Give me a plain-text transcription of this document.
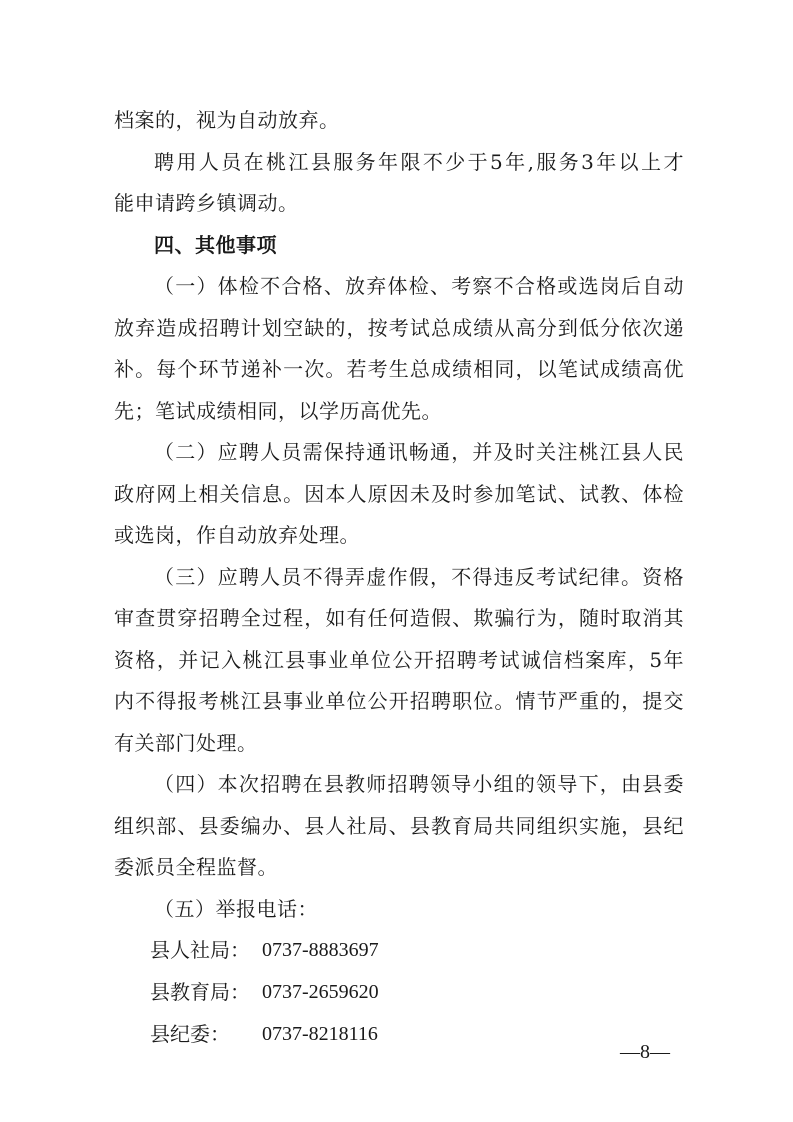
档案的，视为自动放弃。
聘用人员在桃江县服务年限不少于5年,服务3年以上才
能申请跨乡镇调动。
四、其他事项
（一）体检不合格、放弃体检、考察不合格或选岗后自动
放弃造成招聘计划空缺的，按考试总成绩从高分到低分依次递
补。每个环节递补一次。若考生总成绩相同，以笔试成绩高优
先；笔试成绩相同，以学历高优先。
（二）应聘人员需保持通讯畅通，并及时关注桃江县人民
政府网上相关信息。因本人原因未及时参加笔试、试教、体检
或选岗，作自动放弃处理。
（三）应聘人员不得弄虚作假，不得违反考试纪律。资格
审查贯穿招聘全过程，如有任何造假、欺骗行为，随时取消其
资格，并记入桃江县事业单位公开招聘考试诚信档案库，5年
内不得报考桃江县事业单位公开招聘职位。情节严重的，提交
有关部门处理。
（四）本次招聘在县教师招聘领导小组的领导下，由县委
组织部、县委编办、县人社局、县教育局共同组织实施，县纪
委派员全程监督。
（五）举报电话：
县人社局： 0737-8883697
县教育局： 0737-2659620
县纪委： 0737-8218116
—8—
